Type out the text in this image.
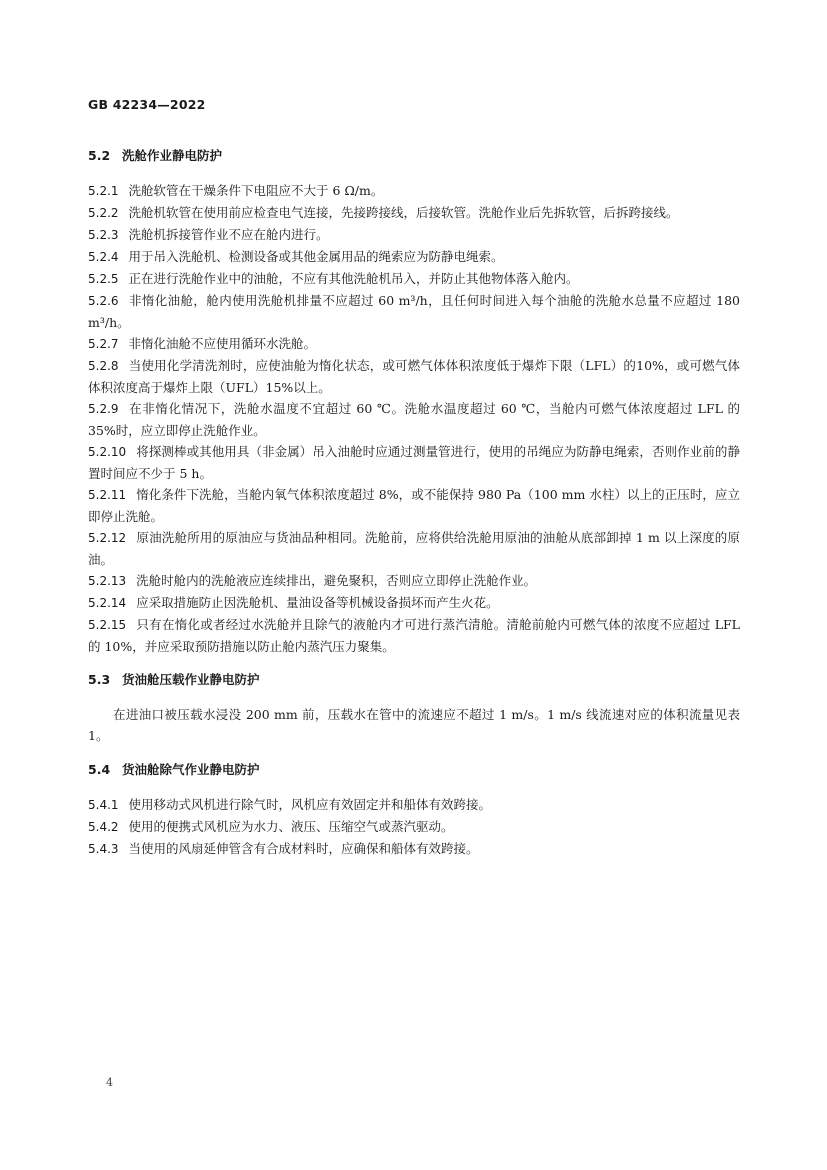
GB 42234—2022
5.2 洗舱作业静电防护

5.2.1 洗舱软管在干燥条件下电阻应不大于 6 Ω/m。

5.2.2 洗舱机软管在使用前应检查电气连接，先接跨接线，后接软管。洗舱作业后先拆软管，后拆跨接线。

5.2.3 洗舱机拆接管作业不应在舱内进行。

5.2.4 用于吊入洗舱机、检测设备或其他金属用品的绳索应为防静电绳索。

5.2.5 正在进行洗舱作业中的油舱，不应有其他洗舱机吊入，并防止其他物体落入舱内。

5.2.6 非惰化油舱，舱内使用洗舱机排量不应超过 60 m³/h，且任何时间进入每个油舱的洗舱水总量不应超过 180 m³/h。

5.2.7 非惰化油舱不应使用循环水洗舱。

5.2.8 当使用化学清洗剂时，应使油舱为惰化状态，或可燃气体体积浓度低于爆炸下限（LFL）的10%，或可燃气体体积浓度高于爆炸上限（UFL）15%以上。

5.2.9 在非惰化情况下，洗舱水温度不宜超过 60 ℃。洗舱水温度超过 60 ℃，当舱内可燃气体浓度超过 LFL 的 35%时，应立即停止洗舱作业。

5.2.10 将探测棒或其他用具（非金属）吊入油舱时应通过测量管进行，使用的吊绳应为防静电绳索，否则作业前的静置时间应不少于 5 h。

5.2.11 惰化条件下洗舱，当舱内氧气体积浓度超过 8%，或不能保持 980 Pa（100 mm 水柱）以上的正压时，应立即停止洗舱。

5.2.12 原油洗舱所用的原油应与货油品种相同。洗舱前，应将供给洗舱用原油的油舱从底部卸掉 1 m 以上深度的原油。

5.2.13 洗舱时舱内的洗舱液应连续排出，避免聚积，否则应立即停止洗舱作业。

5.2.14 应采取措施防止因洗舱机、量油设备等机械设备损坏而产生火花。

5.2.15 只有在惰化或者经过水洗舱并且除气的液舱内才可进行蒸汽清舱。清舱前舱内可燃气体的浓度不应超过 LFL 的 10%，并应采取预防措施以防止舱内蒸汽压力聚集。

5.3 货油舱压载作业静电防护

在进油口被压载水浸没 200 mm 前，压载水在管中的流速应不超过 1 m/s。1 m/s 线流速对应的体积流量见表 1。

5.4 货油舱除气作业静电防护

5.4.1 使用移动式风机进行除气时，风机应有效固定并和船体有效跨接。

5.4.2 使用的便携式风机应为水力、液压、压缩空气或蒸汽驱动。

5.4.3 当使用的风扇延伸管含有合成材料时，应确保和船体有效跨接。

4
